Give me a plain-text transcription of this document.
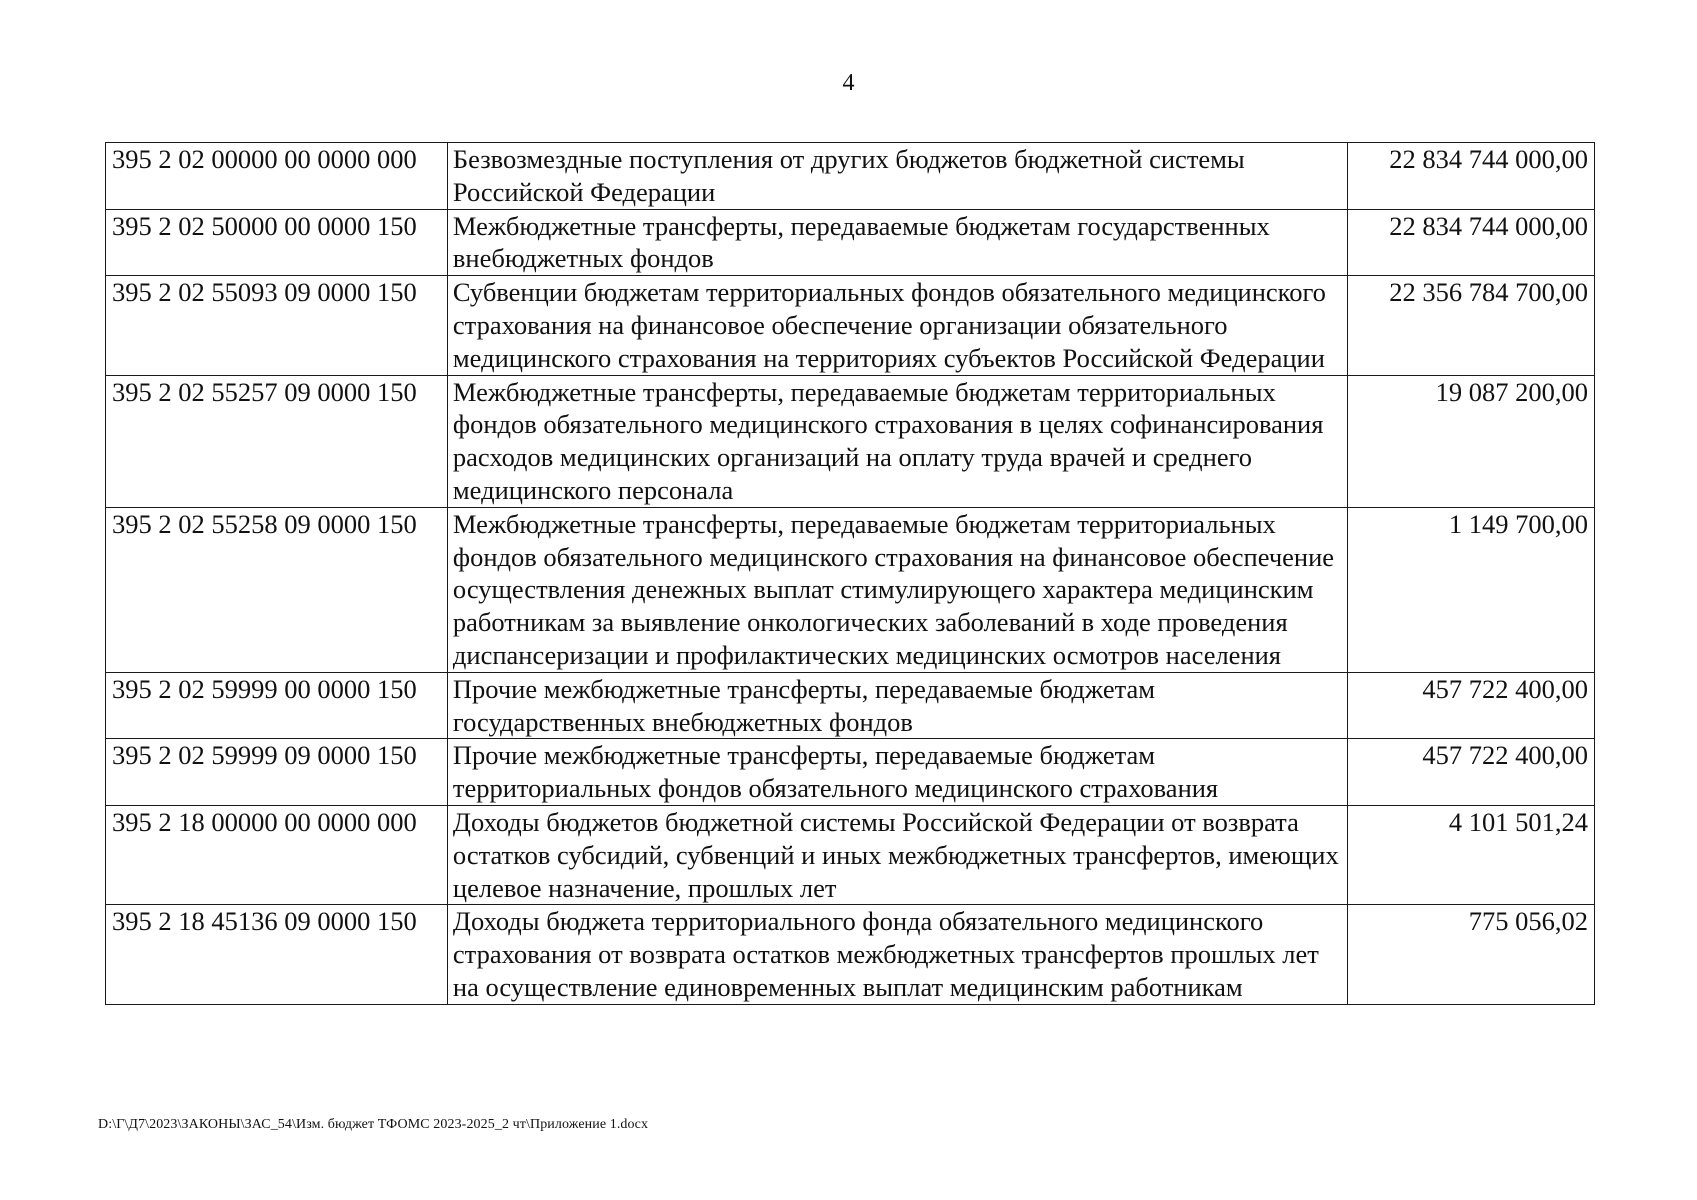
4
395 2 02 00000 00 0000 000	Безвозмездные поступления от других бюджетов бюджетной системы Российской Федерации	22 834 744 000,00
395 2 02 50000 00 0000 150	Межбюджетные трансферты, передаваемые бюджетам государственных внебюджетных фондов	22 834 744 000,00
395 2 02 55093 09 0000 150	Субвенции бюджетам территориальных фондов обязательного медицинского страхования на финансовое обеспечение организации обязательного медицинского страхования на территориях субъектов Российской Федерации	22 356 784 700,00
395 2 02 55257 09 0000 150	Межбюджетные трансферты, передаваемые бюджетам территориальных фондов обязательного медицинского страхования в целях софинансирования расходов медицинских организаций на оплату труда врачей и среднего медицинского персонала	19 087 200,00
395 2 02 55258 09 0000 150	Межбюджетные трансферты, передаваемые бюджетам территориальных фондов обязательного медицинского страхования на финансовое обеспечение осуществления денежных выплат стимулирующего характера медицинским работникам за выявление онкологических заболеваний в ходе проведения диспансеризации и профилактических медицинских осмотров населения	1 149 700,00
395 2 02 59999 00 0000 150	Прочие межбюджетные трансферты, передаваемые бюджетам государственных внебюджетных фондов	457 722 400,00
395 2 02 59999 09 0000 150	Прочие межбюджетные трансферты, передаваемые бюджетам территориальных фондов обязательного медицинского страхования	457 722 400,00
395 2 18 00000 00 0000 000	Доходы бюджетов бюджетной системы Российской Федерации от возврата остатков субсидий, субвенций и иных межбюджетных трансфертов, имеющих целевое назначение, прошлых лет	4 101 501,24
395 2 18 45136 09 0000 150	Доходы бюджета территориального фонда обязательного медицинского страхования от возврата остатков межбюджетных трансфертов прошлых лет на осуществление единовременных выплат медицинским работникам	775 056,02
D:\Г\Д7\2023\ЗАКОНЫ\ЗАС_54\Изм. бюджет ТФОМС 2023-2025_2 чт\Приложение 1.docx
